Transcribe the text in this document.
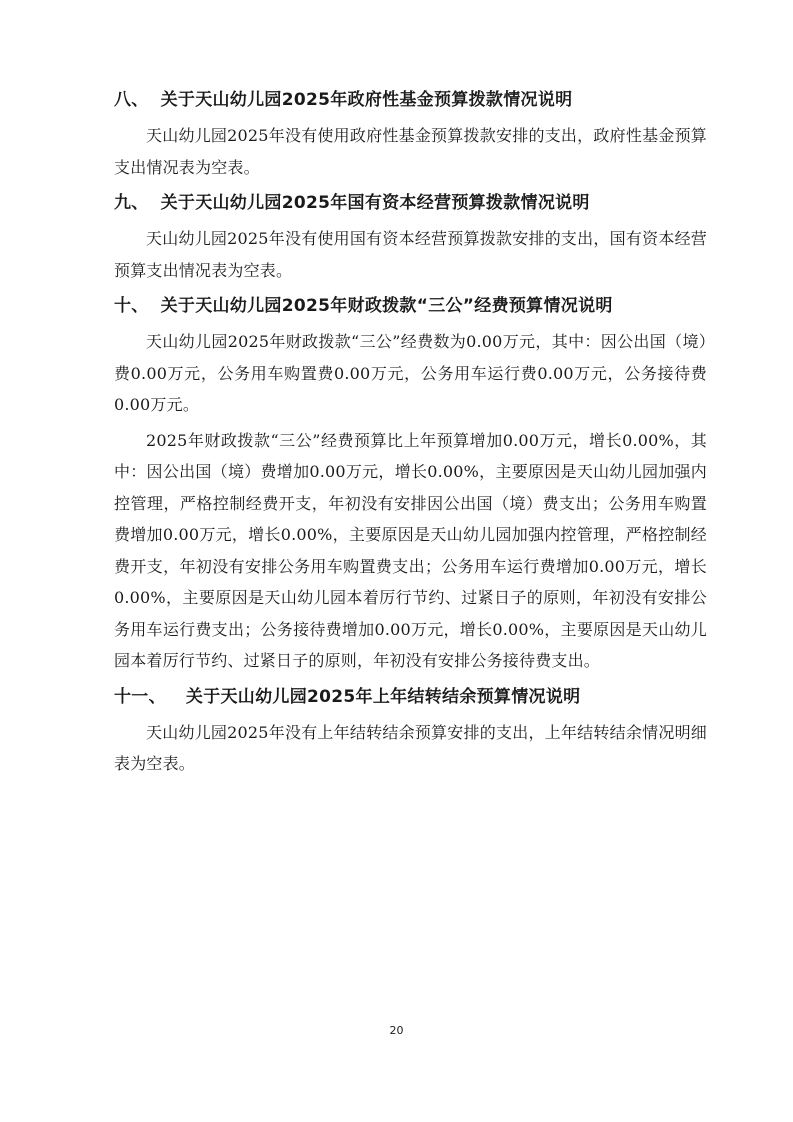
八、 关于天山幼儿园2025年政府性基金预算拨款情况说明

天山幼儿园2025年没有使用政府性基金预算拨款安排的支出，政府性基金预算支出情况表为空表。

九、 关于天山幼儿园2025年国有资本经营预算拨款情况说明

天山幼儿园2025年没有使用国有资本经营预算拨款安排的支出，国有资本经营预算支出情况表为空表。

十、 关于天山幼儿园2025年财政拨款“三公”经费预算情况说明

天山幼儿园2025年财政拨款“三公”经费数为0.00万元，其中：因公出国（境）费0.00万元，公务用车购置费0.00万元，公务用车运行费0.00万元，公务接待费0.00万元。

2025年财政拨款“三公”经费预算比上年预算增加0.00万元，增长0.00%，其中：因公出国（境）费增加0.00万元，增长0.00%，主要原因是天山幼儿园加强内控管理，严格控制经费开支，年初没有安排因公出国（境）费支出；公务用车购置费增加0.00万元，增长0.00%，主要原因是天山幼儿园加强内控管理，严格控制经费开支，年初没有安排公务用车购置费支出；公务用车运行费增加0.00万元，增长0.00%，主要原因是天山幼儿园本着厉行节约、过紧日子的原则，年初没有安排公务用车运行费支出；公务接待费增加0.00万元，增长0.00%，主要原因是天山幼儿园本着厉行节约、过紧日子的原则，年初没有安排公务接待费支出。

十一、 关于天山幼儿园2025年上年结转结余预算情况说明

天山幼儿园2025年没有上年结转结余预算安排的支出，上年结转结余情况明细表为空表。

20
